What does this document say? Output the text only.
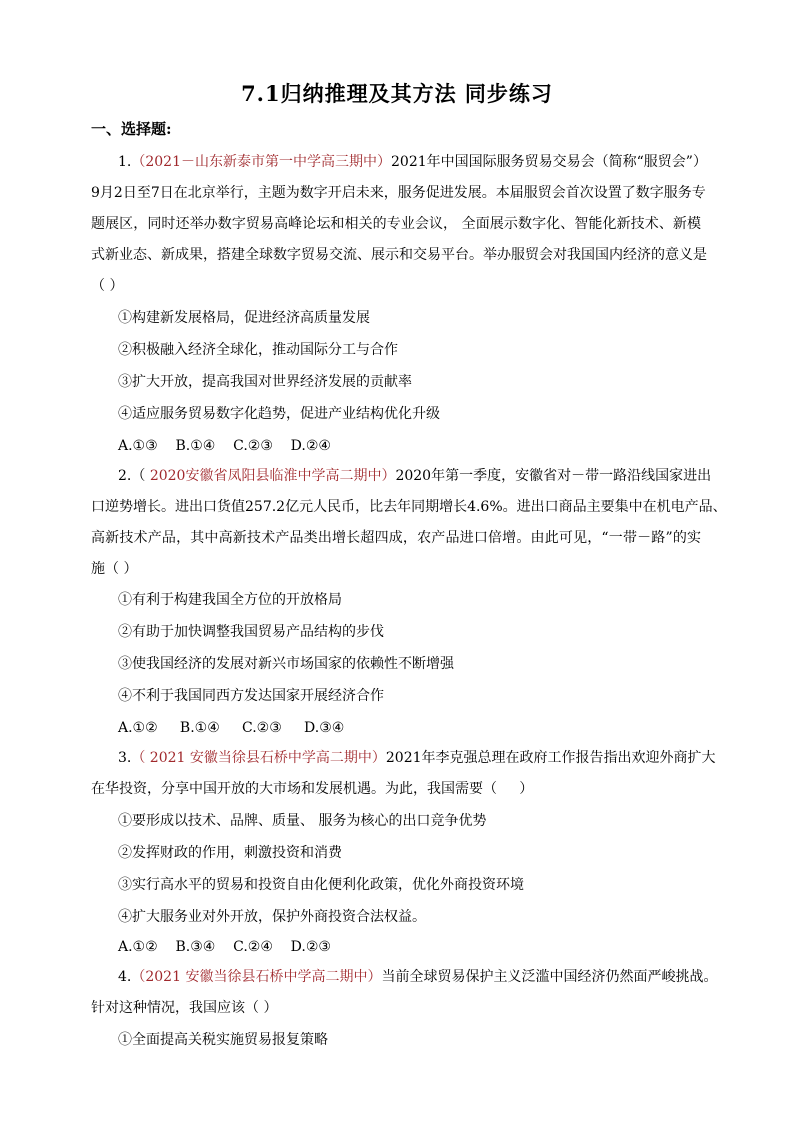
7.1归纳推理及其方法 同步练习
一、选择题:
1.（2021－山东新泰市第一中学高三期中）2021年中国国际服务贸易交易会（简称“服贸会”）
9月2日至7日在北京举行，主题为数字开启未来，服务促进发展。本届服贸会首次设置了数字服务专
题展区，同时还举办数字贸易高峰论坛和相关的专业会议， 全面展示数字化、智能化新技术、新模
式新业态、新成果，搭建全球数字贸易交流、展示和交易平台。举办服贸会对我国国内经济的意义是
（ ）
①构建新发展格局，促进经济高质量发展
②积极融入经济全球化，推动国际分工与合作
③扩大开放，提高我国对世界经济发展的贡献率
④适应服务贸易数字化趋势，促进产业结构优化升级
A.①③    B.①④    C.②③    D.②④
2.（ 2020安徽省凤阳县临淮中学高二期中）2020年第一季度，安徽省对－带一路沿线国家进出
口逆势增长。进出口货值257.2亿元人民币，比去年同期增长4.6%。进出口商品主要集中在机电产品、
高新技术产品，其中高新技术产品类出增长超四成，农产品进口倍增。由此可见，“一带－路”的实
施（ ）
①有利于构建我国全方位的开放格局
②有助于加快调整我国贸易产品结构的步伐
③使我国经济的发展对新兴市场国家的依赖性不断增强
④不利于我国同西方发达国家开展经济合作
A.①②     B.①④     C.②③     D.③④
3.（ 2021 安徽当徐县石桥中学高二期中）2021年李克强总理在政府工作报告指出欢迎外商扩大
在华投资，分享中国开放的大市场和发展机遇。为此，我国需要（     ）
①要形成以技术、品牌、质量、 服务为核心的出口竞争优势
②发挥财政的作用，刺激投资和消费
③实行高水平的贸易和投资自由化便利化政策，优化外商投资环境
④扩大服务业对外开放，保护外商投资合法权益。
A.①②    B.③④    C.②④    D.②③
4.（2021 安徽当徐县石桥中学高二期中）当前全球贸易保护主义泛滥中国经济仍然面严峻挑战。
针对这种情况，我国应该（ ）
①全面提高关税实施贸易报复策略
